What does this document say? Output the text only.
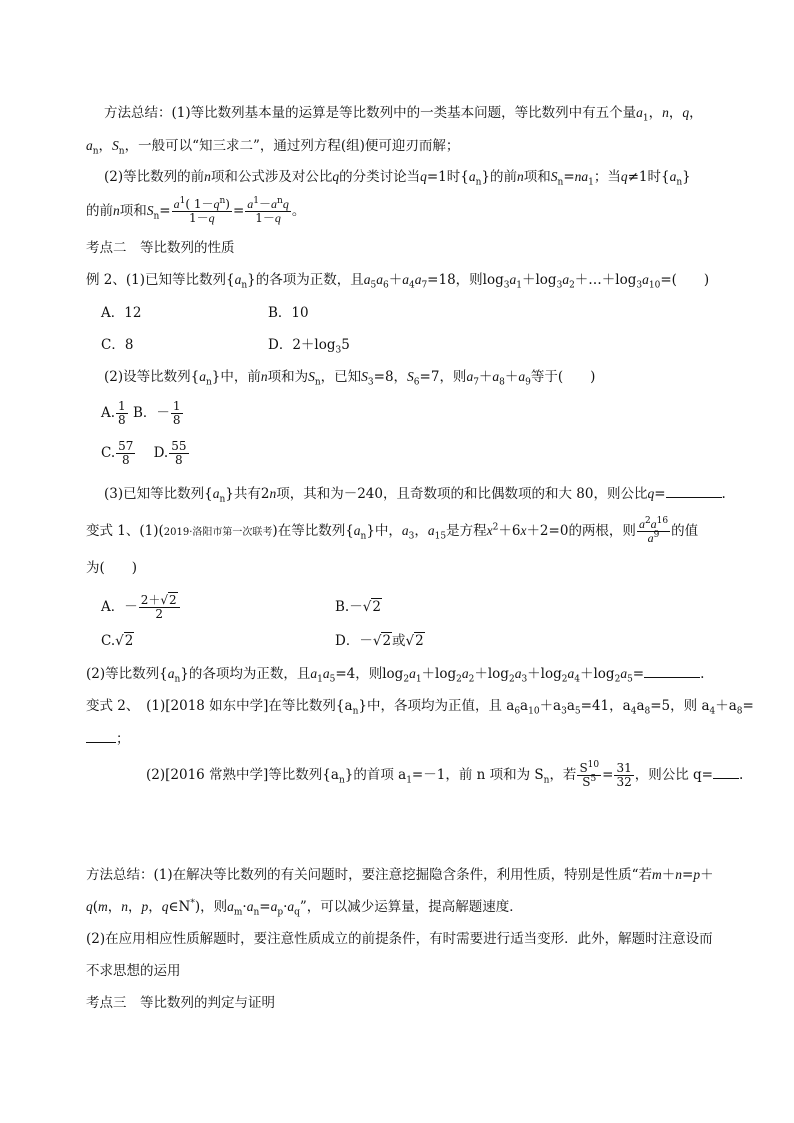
方法总结：(1)等比数列基本量的运算是等比数列中的一类基本问题，等比数列中有五个量$a_1$，n，q，
$a_n$，$S_n$，一般可以“知三求二”，通过列方程(组)便可迎刃而解；
(2)等比数列的前n项和公式涉及对公比q的分类讨论当q=1时$\{a_n\}$的前n项和$S_n=na_1$；当q≠1时$\{a_n\}$
的前n项和$S_n= \frac{a^1( 1-q^n)}{1-q} = \frac{a^1-a^nq}{1-q}$ 。
考点二　等比数列的性质
例 2、(1)已知等比数列$\{a_n\}$的各项为正数，且$a_5a_6+a_4a_7=18$，则$\log_3a_1+\log_3a_2+\dots+\log_3a_{10}=$(　　)
A．12	B．10
C．8	D．$2+\log_35$
(2)设等比数列$\{a_n\}$中，前n项和为$S_n$，已知$S_3=8$，$S_6=7$，则$a_7+a_8+a_9$等于(　　)
A. $\frac{1}{8}$ B．－ $\frac{1}{8}$
C. $\frac{57}{8} D$. $\frac{55}{8}$
(3)已知等比数列$\{a_n\}$共有2n项，其和为－240，且奇数项的和比偶数项的和大 80，则公比q=	.
变式 1、(1)(2019·洛阳市第一次联考)在等比数列$\{a_n\}$中，$a_3$，$a_{15}$是方程$x^2+6x+2=0$的两根，则 $\frac{a^2a^{16}}{a^9}$ 的值
为(　　)
A．－ $\frac{2+√2}{2}$	B.－√2
C.√2	D．－√2或√2
(2)等比数列$\{a_n\}$的各项均为正数，且$a_1a_5=4$，则$\log_2a_1+\log_2a_2+\log_2a_3+\log_2a_4+\log_2a_5=$	.
变式 2、　(1)[2018 如东中学]在等比数列$\{a_n\}$中，各项均为正值，且 $a_6a_{10}+a_3a_5=41$，$a_4a_8=5$，则 $a_4+a_8=$
；
(2)[2016 常熟中学]等比数列$\{a_n\}$的首项 $a_1=-1$，前 n 项和为 $S_n$，若 $\frac{S^{10}}{S^5} = \frac{31}{32}$ ，则公比 q= .
方法总结：(1)在解决等比数列的有关问题时，要注意挖掘隐含条件，利用性质，特别是性质“若m＋n=p＋
q(m，n，p，q∈N*)，则$a_m\cdot a_n=a_p\cdot a_q$”，可以减少运算量，提高解题速度．
(2)在应用相应性质解题时，要注意性质成立的前提条件，有时需要进行适当变形．此外，解题时注意设而
不求思想的运用
考点三　等比数列的判定与证明
